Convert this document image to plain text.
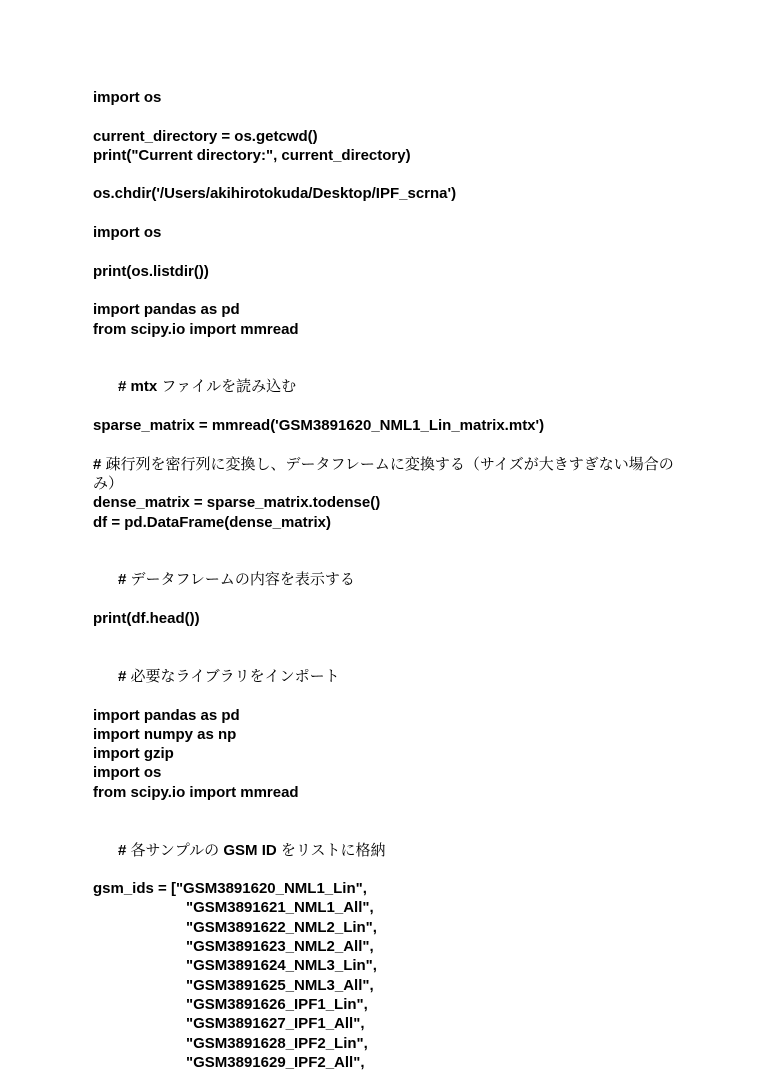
import os
current_directory = os.getcwd()
print("Current directory:", current_directory)
os.chdir('/Users/akihirotokuda/Desktop/IPF_scrna')
import os
print(os.listdir())
import pandas as pd
from scipy.io import mmread

# mtx ファイルを読み込む

sparse_matrix = mmread('GSM3891620_NML1_Lin_matrix.mtx')
# 疎行列を密行列に変換し、データフレームに変換する（サイズが大きすぎない場合のみ）
dense_matrix = sparse_matrix.todense()
df = pd.DataFrame(dense_matrix)

# データフレームの内容を表示する

print(df.head())

# 必要なライブラリをインポート

import pandas as pd
import numpy as np
import gzip
import os
from scipy.io import mmread

# 各サンプルの GSM ID をリストに格納

gsm_ids = ["GSM3891620_NML1_Lin",
"GSM3891621_NML1_All",
"GSM3891622_NML2_Lin",
"GSM3891623_NML2_All",
"GSM3891624_NML3_Lin",
"GSM3891625_NML3_All",
"GSM3891626_IPF1_Lin",
"GSM3891627_IPF1_All",
"GSM3891628_IPF2_Lin",
"GSM3891629_IPF2_All",
